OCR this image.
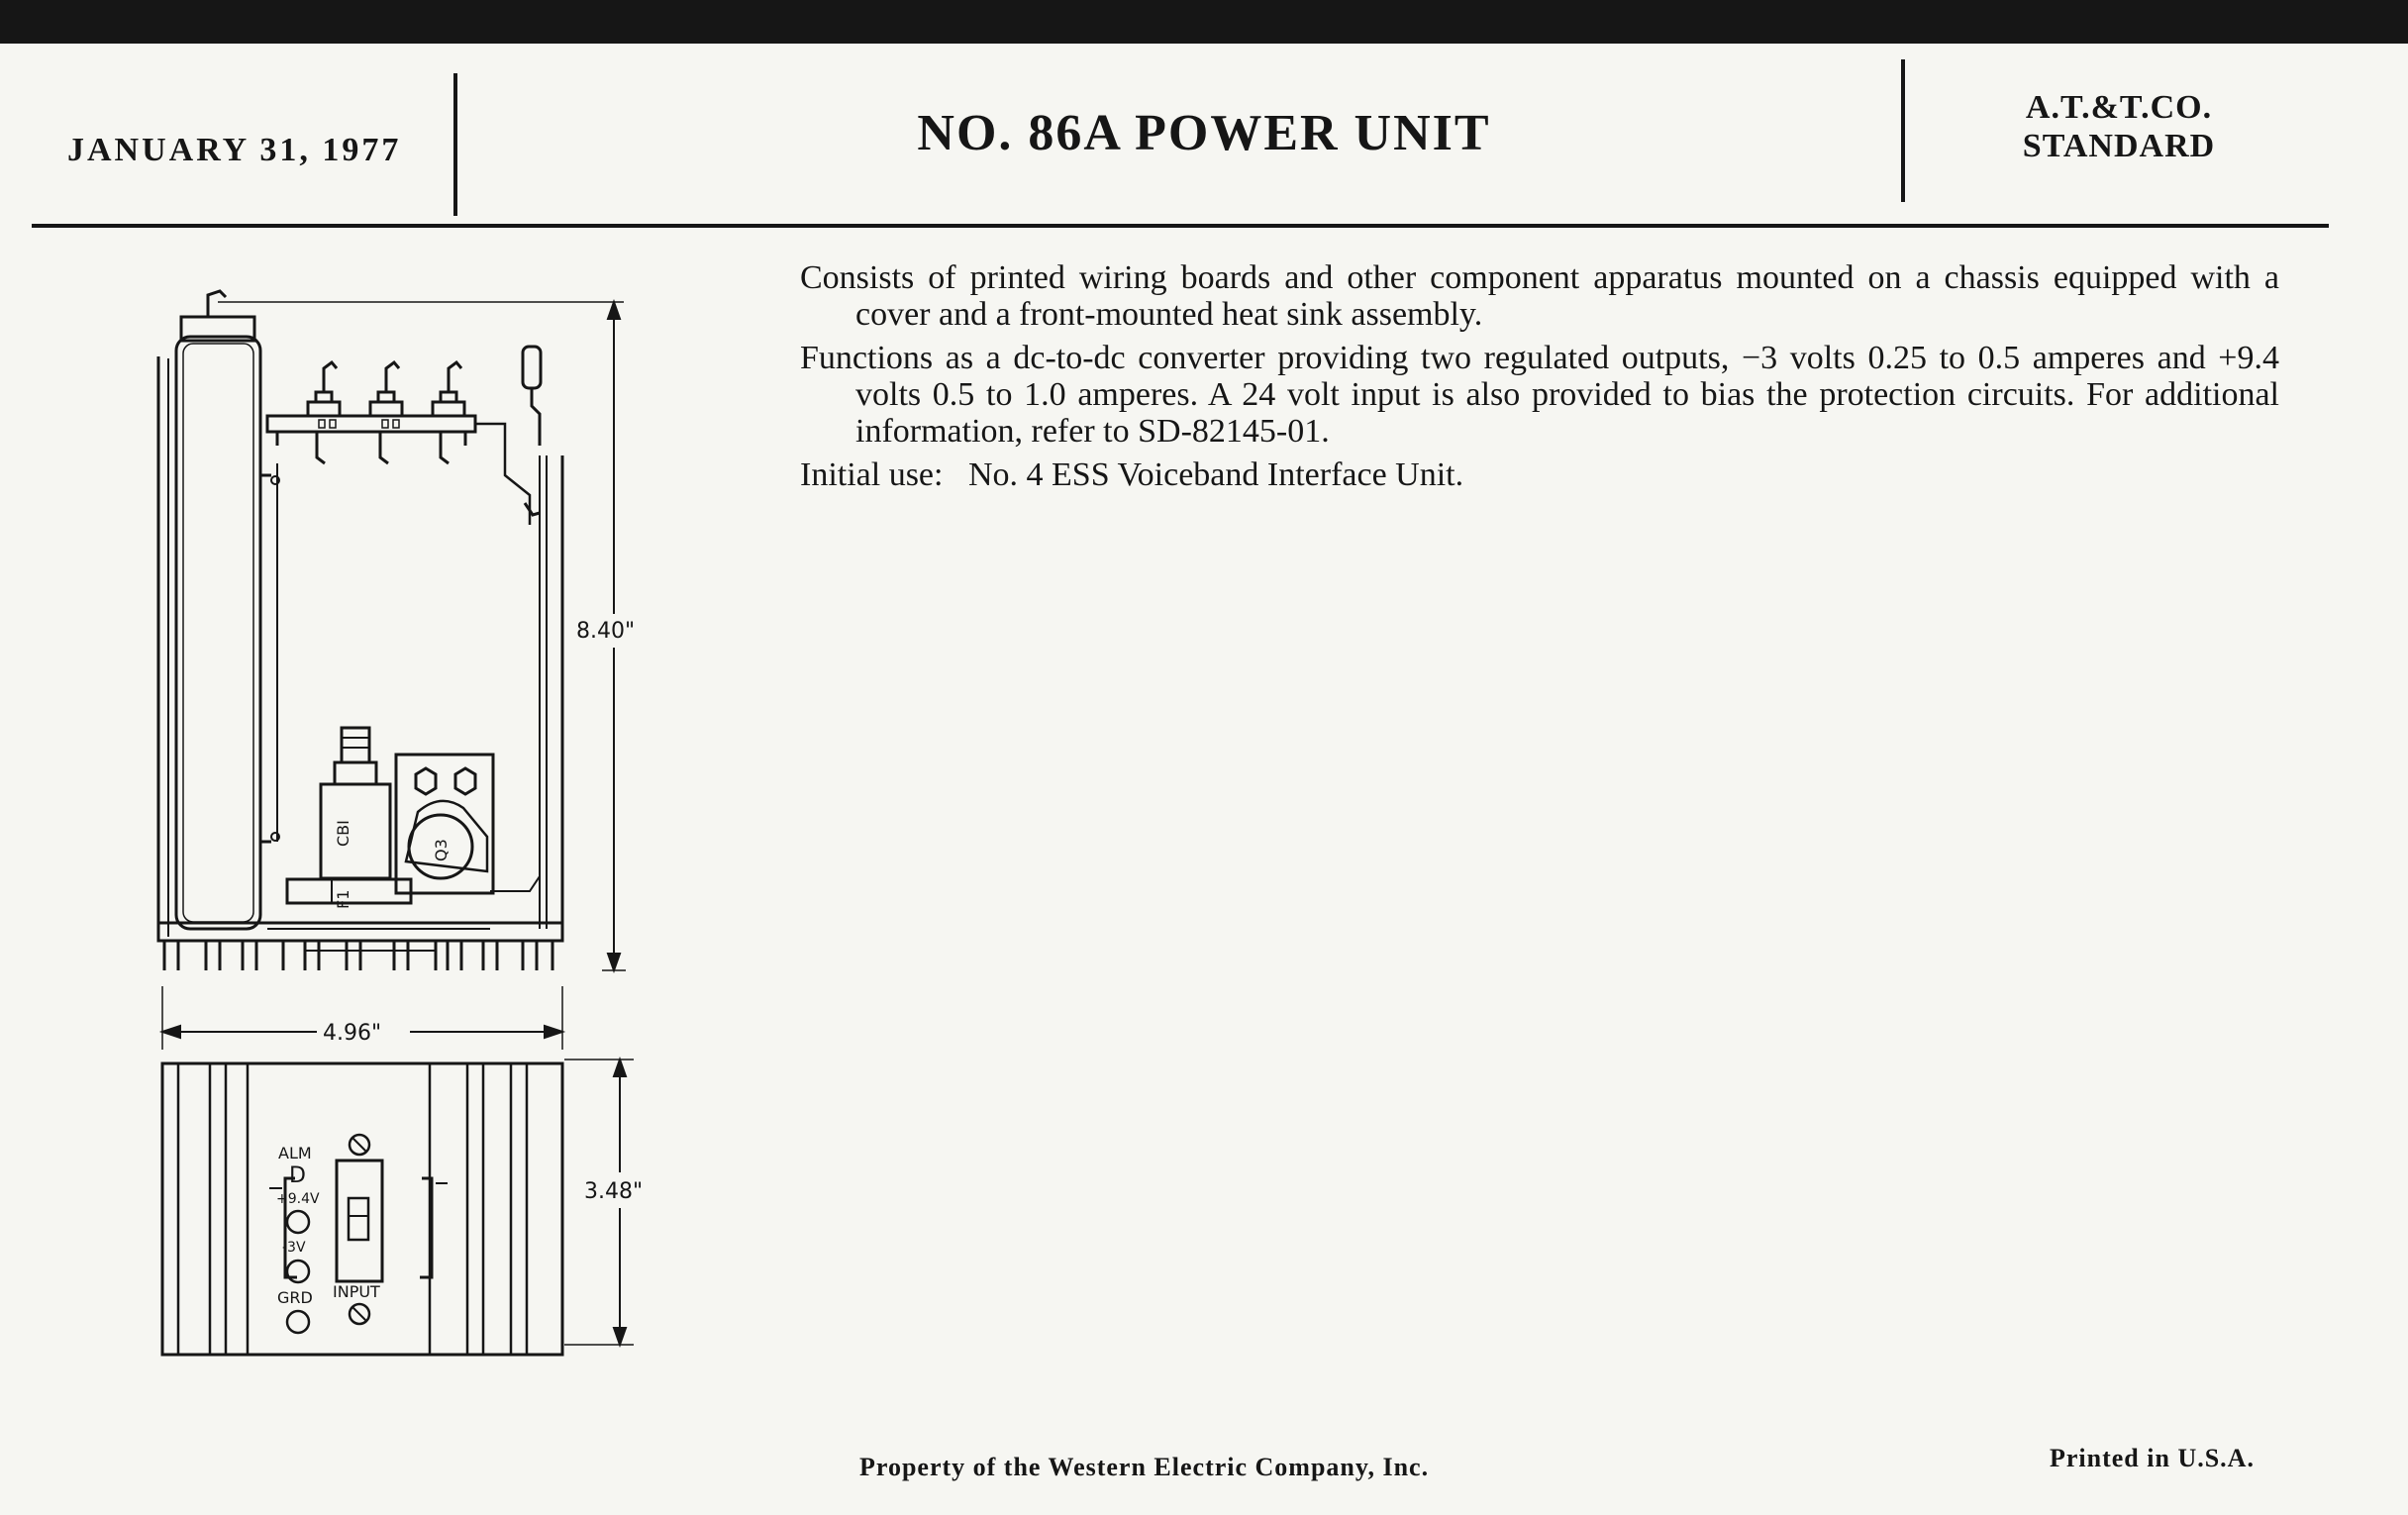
JANUARY 31, 1977	NO. 86A POWER UNIT	A.T.&T.CO.
STANDARD

Consists of printed wiring boards and other component apparatus mounted on a chassis equipped with a cover and a front-mounted heat sink assembly.

Functions as a dc-to-dc converter providing two regulated outputs, −3 volts 0.25 to 0.5 amperes and +9.4 volts 0.5 to 1.0 amperes. A 24 volt input is also provided to bias the protection circuits. For additional information, refer to SD-82145-01.

Initial use:  No. 4 ESS Voiceband Interface Unit.

8.40"
4.96"
3.48"
CBI
F1
Q3
ALM
D
+9.4V
-3V
GRD INPUT
Property of the Western Electric Company, Inc.	Printed in U.S.A.
